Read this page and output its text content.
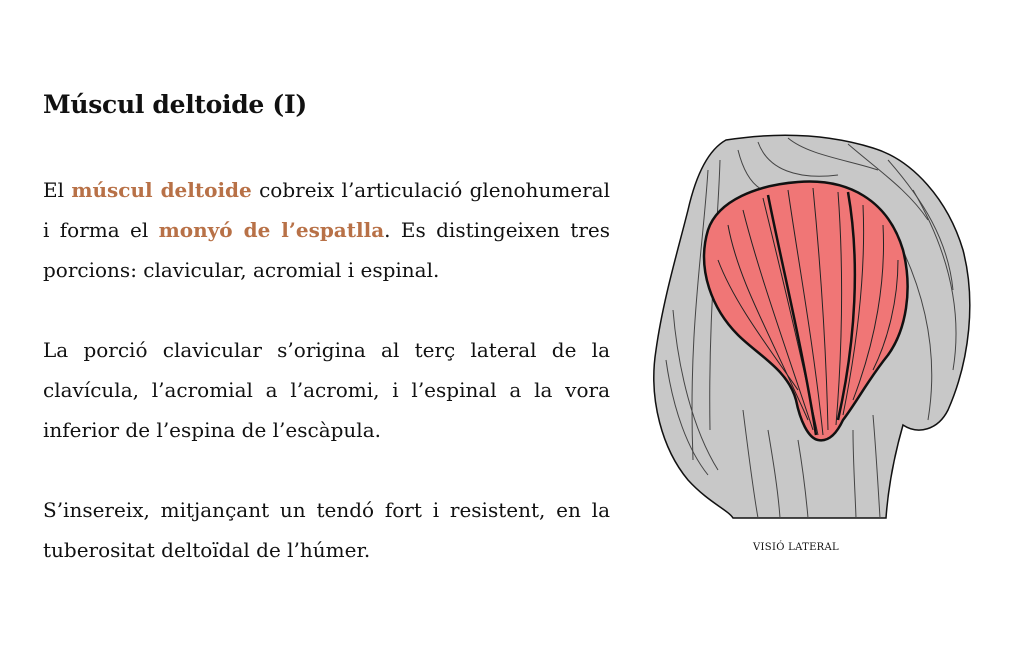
Múscul deltoide (I)

El múscul deltoide cobreix l’articulació glenohumeral i forma el monyó de l’espatlla. Es distingeixen tres porcions: clavicular, acromial i espinal.

La porció clavicular s’origina al terç lateral de la clavícula, l’acromial a l’acromi, i l’espinal a la vora inferior de l’espina de l’escàpula.

S’insereix, mitjançant un tendó fort i resistent, en la tuberositat deltoïdal de l’húmer.	VISIÓ LATERAL
